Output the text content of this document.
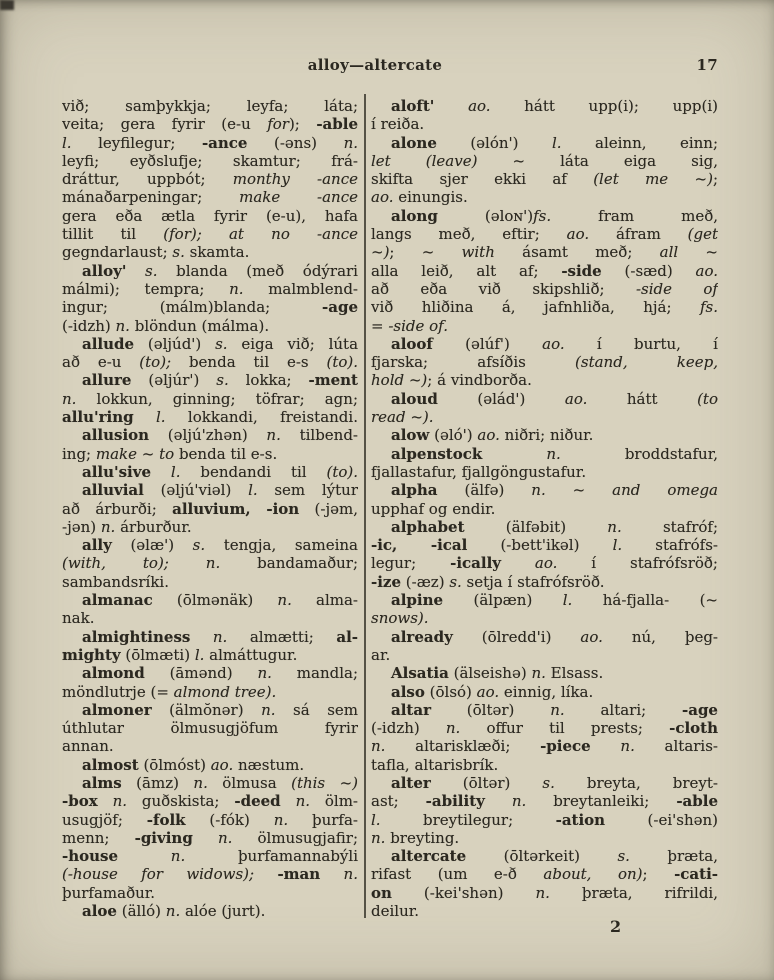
alloy—altercate	17
við; samþykkja; leyfa; láta;
veita; gera fyrir (e-u for); -able
l. leyfilegur; -ance (-əns) n.
leyfi; eyðslufje; skamtur; frá-
dráttur, uppbót; monthy -ance
mánaðarpeningar; make -ance
gera eða ætla fyrir (e-u), hafa
tillit til (for); at no -ance
gegndarlaust; s. skamta.
alloy' s. blanda (með ódýrari
málmi); tempra; n. malmblend-
ingur; (málm)blanda; -age
(-idzh) n. blöndun (málma).
allude (əljúd') s. eiga við; lúta
að e-u (to); benda til e-s (to).
allure (əljúr') s. lokka; -ment
n. lokkun, ginning; töfrar; agn;
allu'ring l. lokkandi, freistandi.
allusion (əljú'zhən) n. tilbend-
ing; make ~ to benda til e-s.
allu'sive l. bendandi til (to).
alluvial (əljú'viəl) l. sem lýtur
að árburði; alluvium, -ion (-jəm,
-jən) n. árburður.
ally (əlæ') s. tengja, sameina
(with, to); n. bandamaður;
sambandsríki.
almanac (ōlmənäk) n. alma-
nak.
almightiness n. almætti; al-
mighty (ōlmæti) l. almáttugur.
almond (āmənd) n. mandla;
möndlutrje (= almond tree).
almoner (älmŏnər) n. sá sem
úthlutar ölmusugjöfum fyrir
annan.
almost (ōlmóst) ao. næstum.
alms (āmz) n. ölmusa (this ~)
-box n. guðskista; -deed n. ölm-
usugjöf; -folk (-fók) n. þurfa-
menn; -giving n. ölmusugjafir;
-house	n. þurfamannabýli
(-house for widows); -man n.
þurfamaður.
aloe (älló) n. alóe (jurt).
aloft' ao. hátt upp(i); upp(i)
í reiða.
alone (əlón') l. aleinn, einn;
let (leave) ~ láta eiga sig,
skifta sjer ekki af (let me ~);
ao. einungis.
along (əloɴ')fs. fram með,
langs með, eftir; ao. áfram (get
~); ~ with ásamt með; all ~
alla leið, alt af; -side (-sæd) ao.
að eða við skipshlið; -side of
við hliðina á, jafnhliða, hjá; fs.
= -side of.
aloof (əlúf') ao. í burtu, í
fjarska; afsíðis (stand, keep,
hold ~); á vindborða.
aloud (əlád') ao. hátt (to
read ~).
alow (əló') ao. niðri; niður.
alpenstock	n. broddstafur,
fjallastafur, fjallgöngustafur.
alpha (älfə) n. ~ and omega
upphaf og endir.
alphabet (älfəbit) n. stafróf;
-ic, -ical (-bett'ikəl) l. stafrófs-
legur; -ically ao. í stafrófsröð;
-ize (-æz) s. setja í stafrófsröð.
alpine (älpæn) l. há-fjalla- (~
snows).
already (ōlredd'i) ao. nú, þeg-
ar.
Alsatia (älseishə) n. Elsass.
also (ōlsó) ao. einnig, líka.
altar (ōltər) n. altari; -age
(-idzh) n. offur til prests; -cloth
n. altarisklæði; -piece n. altaris-
tafla, altarisbrík.
alter (ōltər) s. breyta, breyt-
ast; -ability n. breytanleiki; -able
l. breytilegur; -ation (-ei'shən)
n. breyting.
altercate (ōltərkeit) s. þræta,
rifast (um e-ð about, on); -cati-
on (-kei'shən) n. þræta, rifrildi,
deilur.
2
